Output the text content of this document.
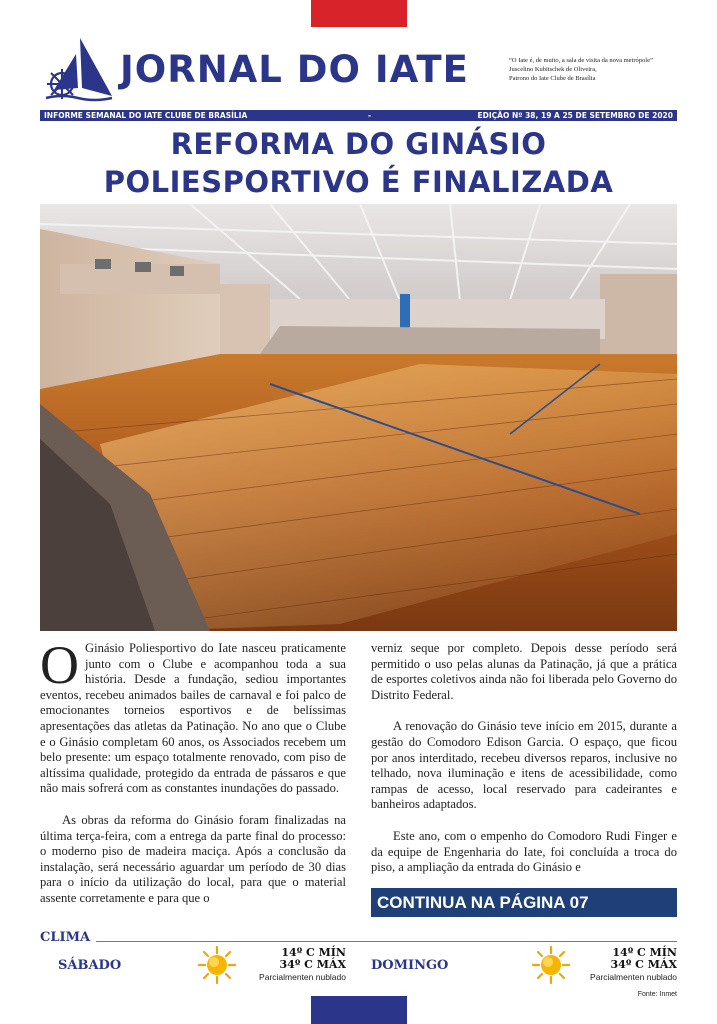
JORNAL DO IATE	“O Iate é, de muito, a sala de visita da nova metrópole”
Juscelino Kubitschek de Oliveira,
Patrono do Iate Clube de Brasília
INFORME SEMANAL DO IATE CLUBE DE BRASÍLIA	-	EDIÇÃO Nº 38, 19 A 25 DE SETEMBRO DE 2020
REFORMA DO GINÁSIO
POLIESPORTIVO É FINALIZADA

O Ginásio Poliesportivo do Iate nasceu praticamente junto com o Clube e acompanhou toda a sua história. Desde a fundação, sediou importantes eventos, recebeu animados bailes de carnaval e foi palco de emocionantes torneios esportivos e de belíssimas apresentações das atletas da Patinação. No ano que o Clube e o Ginásio completam 60 anos, os Associados recebem um belo presente: um espaço totalmente renovado, com piso de altíssima qualidade, protegido da entrada de pássaros e que não mais sofrerá com as constantes inundações do passado.

As obras da reforma do Ginásio foram finalizadas na última terça-feira, com a entrega da parte final do processo: o moderno piso de madeira maciça. Após a conclusão da instalação, será necessário aguardar um período de 30 dias para o início da utilização do local, para que o material assente corretamente e para que o

verniz seque por completo. Depois desse período será permitido o uso pelas alunas da Patinação, já que a prática de esportes coletivos ainda não foi liberada pelo Governo do Distrito Federal.

A renovação do Ginásio teve início em 2015, durante a gestão do Comodoro Edison Garcia. O espaço, que ficou por anos interditado, recebeu diversos reparos, inclusive no telhado, nova iluminação e itens de acessibilidade, como rampas de acesso, local reservado para cadeirantes e banheiros adaptados.

Este ano, com o empenho do Comodoro Rudi Finger e da equipe de Engenharia do Iate, foi concluída a troca do piso, a ampliação da entrada do Ginásio e

CONTINUA NA PÁGINA 07
CLIMA
SÁBADO
14º C MÍN
34º C MÁX
Parcialmenten nublado
DOMINGO
14º C MÍN
34º C MÁX
Parcialmenten nublado
Fonte: Inmet
